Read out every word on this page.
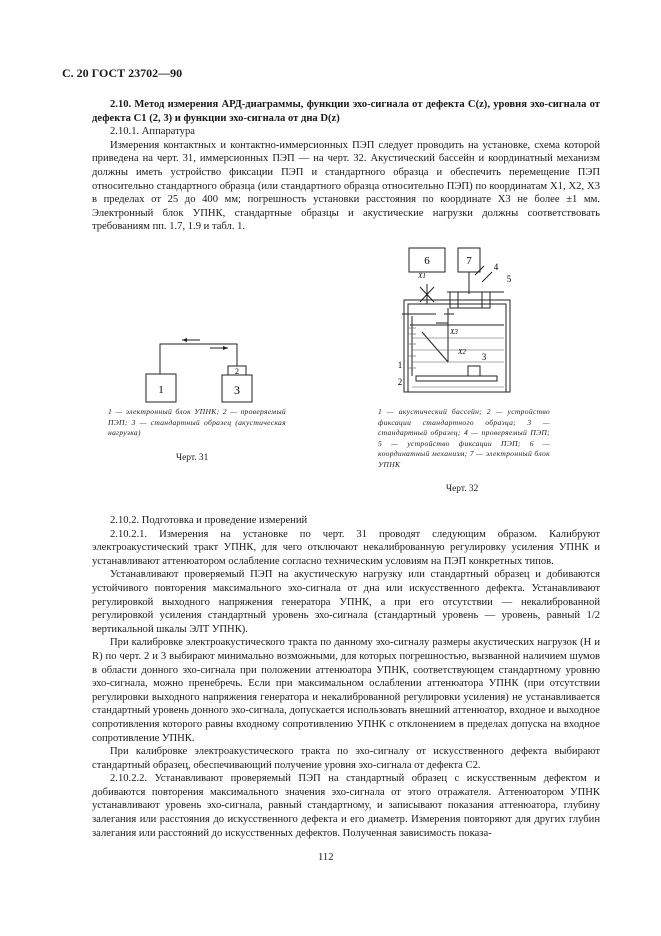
С. 20 ГОСТ 23702—90

2.10. Метод измерения АРД-диаграммы, функции эхо-сигнала от дефекта C(z), уровня эхо-сигнала от дефекта C1 (2, 3) и функции эхо-сигнала от дна D(z)

2.10.1. Аппаратура

Измерения контактных и контактно-иммерсионных ПЭП следует проводить на установке, схема которой приведена на черт. 31, иммерсионных ПЭП — на черт. 32. Акустический бассейн и координатный механизм должны иметь устройство фиксации ПЭП и стандартного образца и обеспечить перемещение ПЭП относительно стандартного образца (или стандартного образца относительно ПЭП) по координатам X1, X2, X3 в пределах от 25 до 400 мм; погрешность установки расстояния по координате X3 не более ±1 мм. Электронный блок УПНК, стандартные образцы и акустические нагрузки должны соответствовать требованиям пп. 1.7, 1.9 и табл. 1.

1
2
3
1 — электронный блок УПНК; 2 — проверяемый ПЭП; 3 — стандартный образец (акустическая нагрузка)
Черт. 31
6	7 4
5
1
2
3
X1
X2
X3
1 — акустический бассейн; 2 — устройство фиксации стандартного образца; 3 — стандартный образец; 4 — проверяемый ПЭП; 5 — устройство фиксации ПЭП; 6 — координатный механизм; 7 — электронный блок УПНК
Черт. 32

2.10.2. Подготовка и проведение измерений

2.10.2.1. Измерения на установке по черт. 31 проводят следующим образом. Калибруют электроакустический тракт УПНК, для чего отключают некалиброванную регулировку усиления УПНК и устанавливают аттенюатором ослабление согласно техническим условиям на ПЭП конкретных типов.

Устанавливают проверяемый ПЭП на акустическую нагрузку или стандартный образец и добиваются устойчивого повторения максимального эхо-сигнала от дна или искусственного дефекта. Устанавливают регулировкой выходного напряжения генератора УПНК, а при его отсутствии — некалиброванной регулировкой усиления стандартный уровень эхо-сигнала (стандартный уровень — уровень, равный 1/2 вертикальной шкалы ЭЛТ УПНК).

При калибровке электроакустического тракта по данному эхо-сигналу размеры акустических нагрузок (H и R) по черт. 2 и 3 выбирают минимально возможными, для которых погрешностью, вызванной наличием шумов в области донного эхо-сигнала при положении аттенюатора УПНК, соответствующем стандартному уровню эхо-сигнала, можно пренебречь. Если при максимальном ослаблении аттенюатора УПНК (при отсутствии регулировки выходного напряжения генератора и некалиброванной регулировки усиления) не устанавливается стандартный уровень донного эхо-сигнала, допускается использовать внешний аттенюатор, входное и выходное сопротивления которого равны входному сопротивлению УПНК с отклонением в пределах допуска на входное сопротивление УПНК.

При калибровке электроакустического тракта по эхо-сигналу от искусственного дефекта выбирают стандартный образец, обеспечивающий получение уровня эхо-сигнала от дефекта C2.

2.10.2.2. Устанавливают проверяемый ПЭП на стандартный образец с искусственным дефектом и добиваются повторения максимального значения эхо-сигнала от этого отражателя. Аттенюатором УПНК устанавливают уровень эхо-сигнала, равный стандартному, и записывают показания аттенюатора, глубину залегания или расстояния до искусственного дефекта и его диаметр. Измерения повторяют для других глубин залегания или расстояний до искусственных дефектов. Полученная зависимость показа-

112
